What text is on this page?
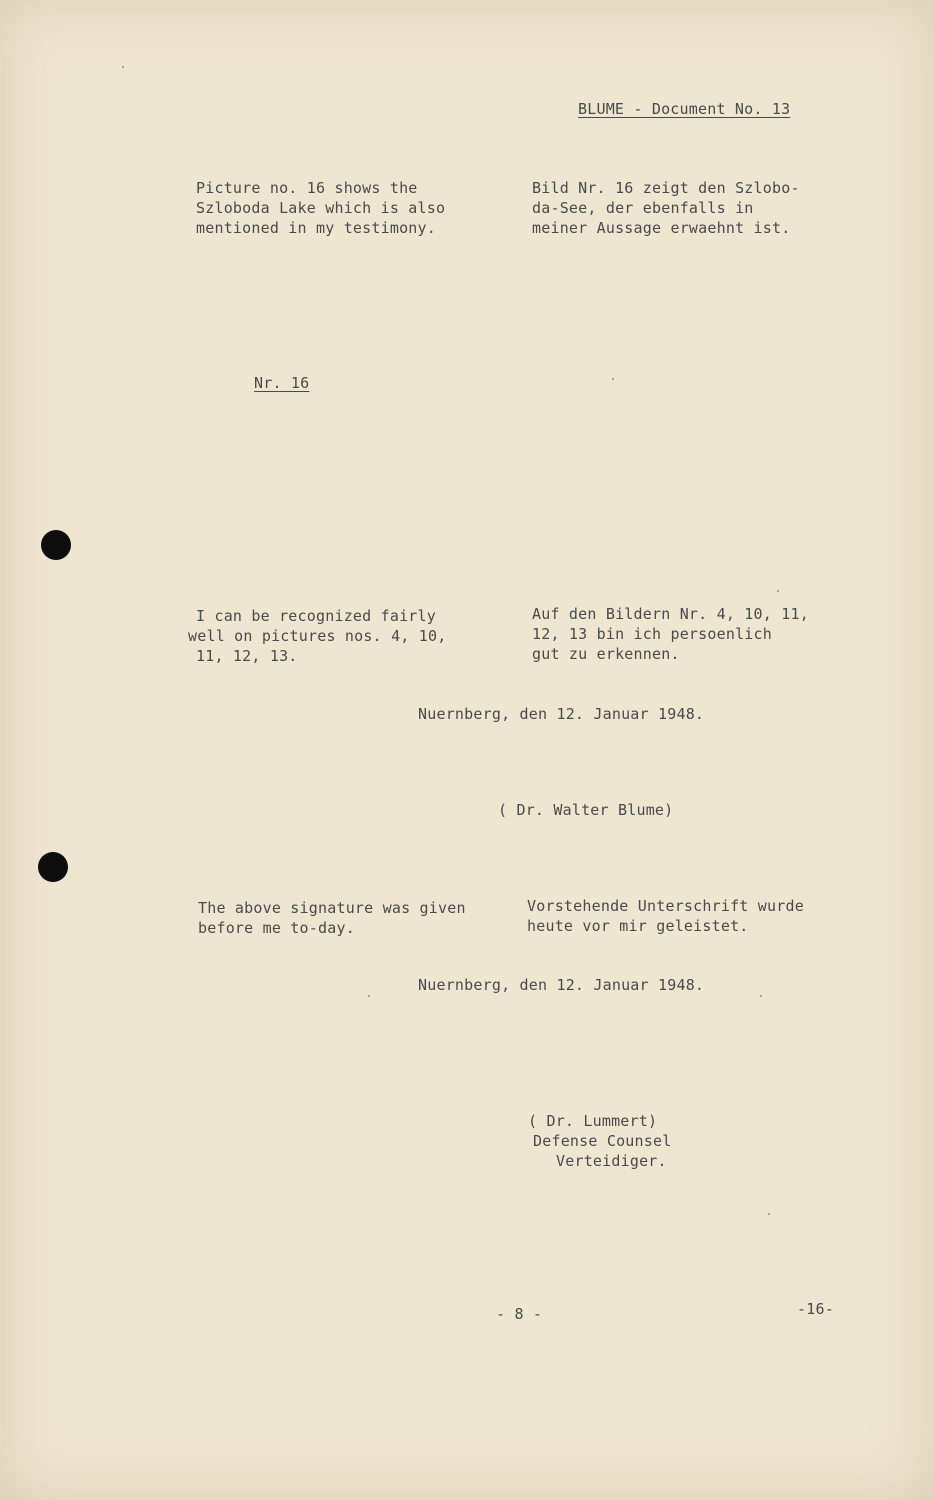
BLUME - Document No. 13
Picture no. 16 shows the
Szloboda Lake which is also
mentioned in my testimony.
Bild Nr. 16 zeigt den Szlobo-
da-See, der ebenfalls in
meiner Aussage erwaehnt ist.
Nr. 16
I can be recognized fairly
well on pictures nos. 4, 10,
11, 12, 13.
Auf den Bildern Nr. 4, 10, 11,
12, 13 bin ich persoenlich
gut zu erkennen.
Nuernberg, den 12. Januar 1948.
( Dr. Walter Blume)
The above signature was given
before me to-day.
Vorstehende Unterschrift wurde
heute vor mir geleistet.
Nuernberg, den 12. Januar 1948.
( Dr. Lummert)
Defense Counsel
Verteidiger.
- 8 -	-16-
